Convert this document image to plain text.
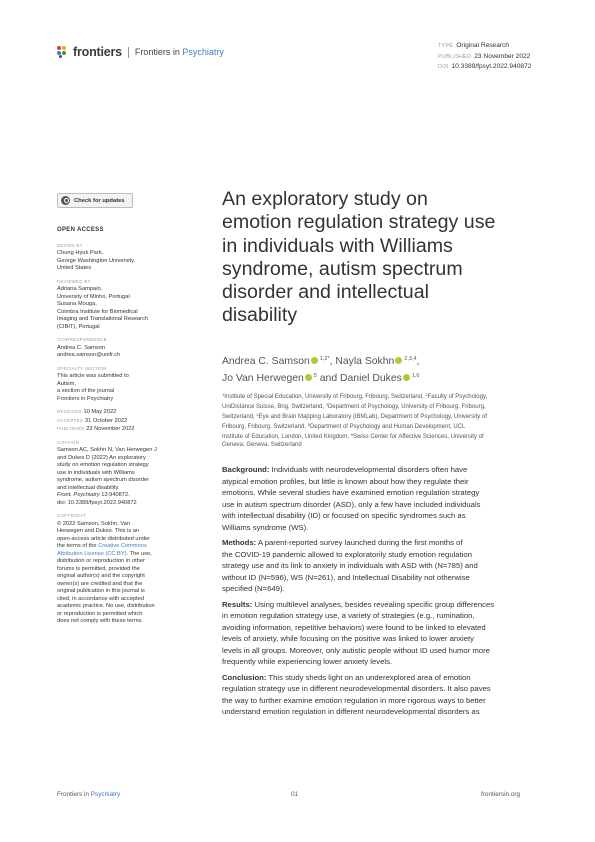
frontiers Frontiers in Psychiatry
TYPE Original Research
PUBLISHED 23 November 2022
DOI 10.3389/fpsyt.2022.940872
Check for updates
OPEN ACCESS
EDITED BY
Chung Hyuk Park,
George Washington University,
United States
REVIEWED BY
Adriana Sampaio,
University of Minho, Portugal
Susana Mouga,
Coimbra Institute for Biomedical
Imaging and Translational Research
(CIBIT), Portugal
*CORRESPONDENCE
Andrea C. Samson
andrea.samson@unifr.ch
SPECIALTY SECTION
This article was submitted to
Autism,
a section of the journal
Frontiers in Psychiatry
RECEIVED 10 May 2022
ACCEPTED 31 October 2022
PUBLISHED 23 November 2022
CITATION
Samson AC, Sokhn N, Van Herwegen J
and Dukes D (2022) An exploratory
study on emotion regulation strategy
use in individuals with Williams
syndrome, autism spectrum disorder
and intellectual disability.
Front. Psychiatry 13:940872.
doi: 10.3389/fpsyt.2022.940872
COPYRIGHT
© 2022 Samson, Sokhn, Van
Herwegen and Dukes. This is an
open-access article distributed under
the terms of the Creative Commons
Attribution License (CC BY). The use,
distribution or reproduction in other
forums is permitted, provided the
original author(s) and the copyright
owner(s) are credited and that the
original publication in this journal is
cited, in accordance with accepted
academic practice. No use, distribution
or reproduction is permitted which
does not comply with these terms.
An exploratory study on
emotion regulation strategy use
in individuals with Williams
syndrome, autism spectrum
disorder and intellectual
disability
Andrea C. Samson $^{1,2*}$, Nayla Sokhn $^{2,3,4}$,
Jo Van Herwegen $^5$ and Daniel Dukes $^{1,6}$
$^1$Institute of Special Education, University of Fribourg, Fribourg, Switzerland, $^2$Faculty of Psychology,
UniDistance Suisse, Brig, Switzerland, $^3$Department of Psychology, University of Fribourg, Fribourg,
Switzerland, $^4$Eye and Brain Mapping Laboratory (iBMLab), Department of Psychology, University of
Fribourg, Fribourg, Switzerland, $^5$Department of Psychology and Human Development, UCL
Institute of Education, London, United Kingdom, $^6$Swiss Center for Affective Sciences, University of
Geneva, Geneva, Switzerland

Background: Individuals with neurodevelopmental disorders often have
atypical emotion profiles, but little is known about how they regulate their
emotions. While several studies have examined emotion regulation strategy
use in autism spectrum disorder (ASD), only a few have included individuals
with intellectual disability (ID) or focused on specific syndromes such as
Williams syndrome (WS).

Methods: A parent-reported survey launched during the first months of
the COVID-19 pandemic allowed to exploratorily study emotion regulation
strategy use and its link to anxiety in individuals with ASD with (N=785) and
without ID (N=596), WS (N=261), and Intellectual Disability not otherwise
specified (N=649).

Results: Using multilevel analyses, besides revealing specific group differences
in emotion regulation strategy use, a variety of strategies (e.g., rumination,
avoiding information, repetitive behaviors) were found to be linked to elevated
levels of anxiety, while focusing on the positive was linked to lower anxiety
levels in all groups. Moreover, only autistic people without ID used humor more
frequently while experiencing lower anxiety levels.

Conclusion: This study sheds light on an underexplored area of emotion
regulation strategy use in different neurodevelopmental disorders. It also paves
the way to further examine emotion regulation in more rigorous ways to better
understand emotion regulation in different neurodevelopmental disorders as

Frontiers in Psychiatry	01	frontiersin.org
